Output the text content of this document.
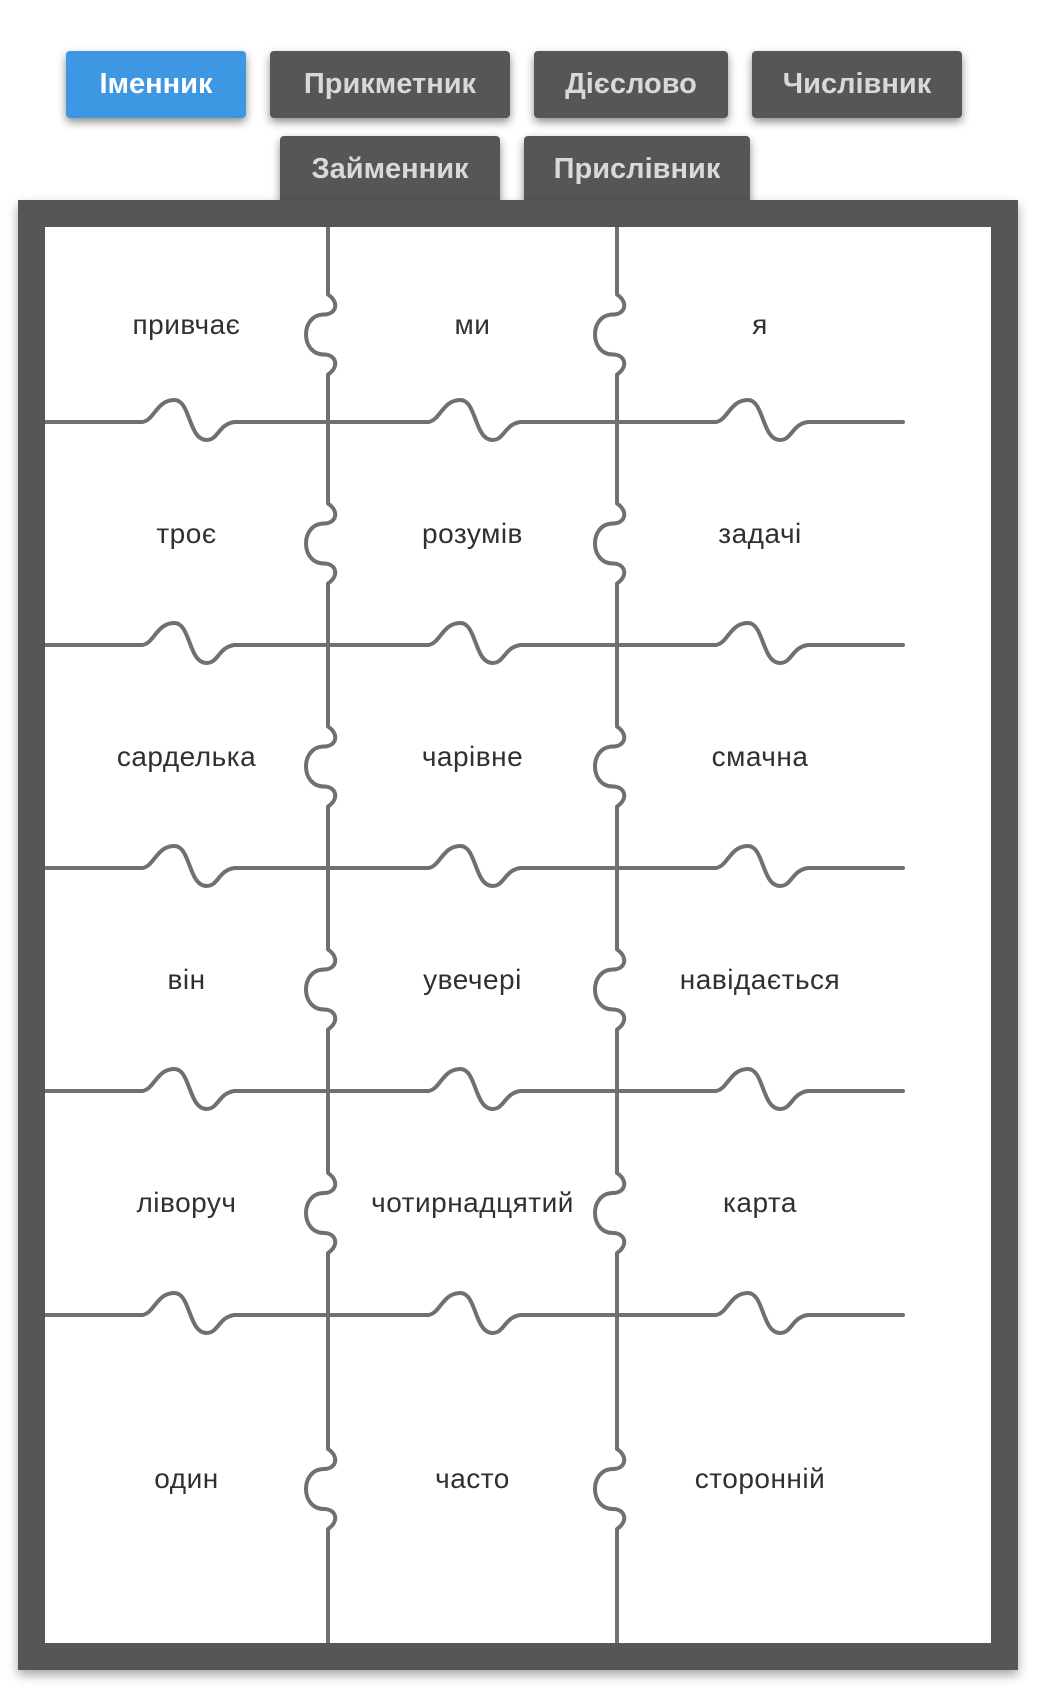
Іменник	Прикметник	Дієслово	Числівник
Займенник	Прислівник
привчає	ми	я
троє	розумів	задачі
сарделька	чарівне	смачна
він	увечері	навідається
ліворуч	чотирнадцятий	карта
один	часто	сторонній
